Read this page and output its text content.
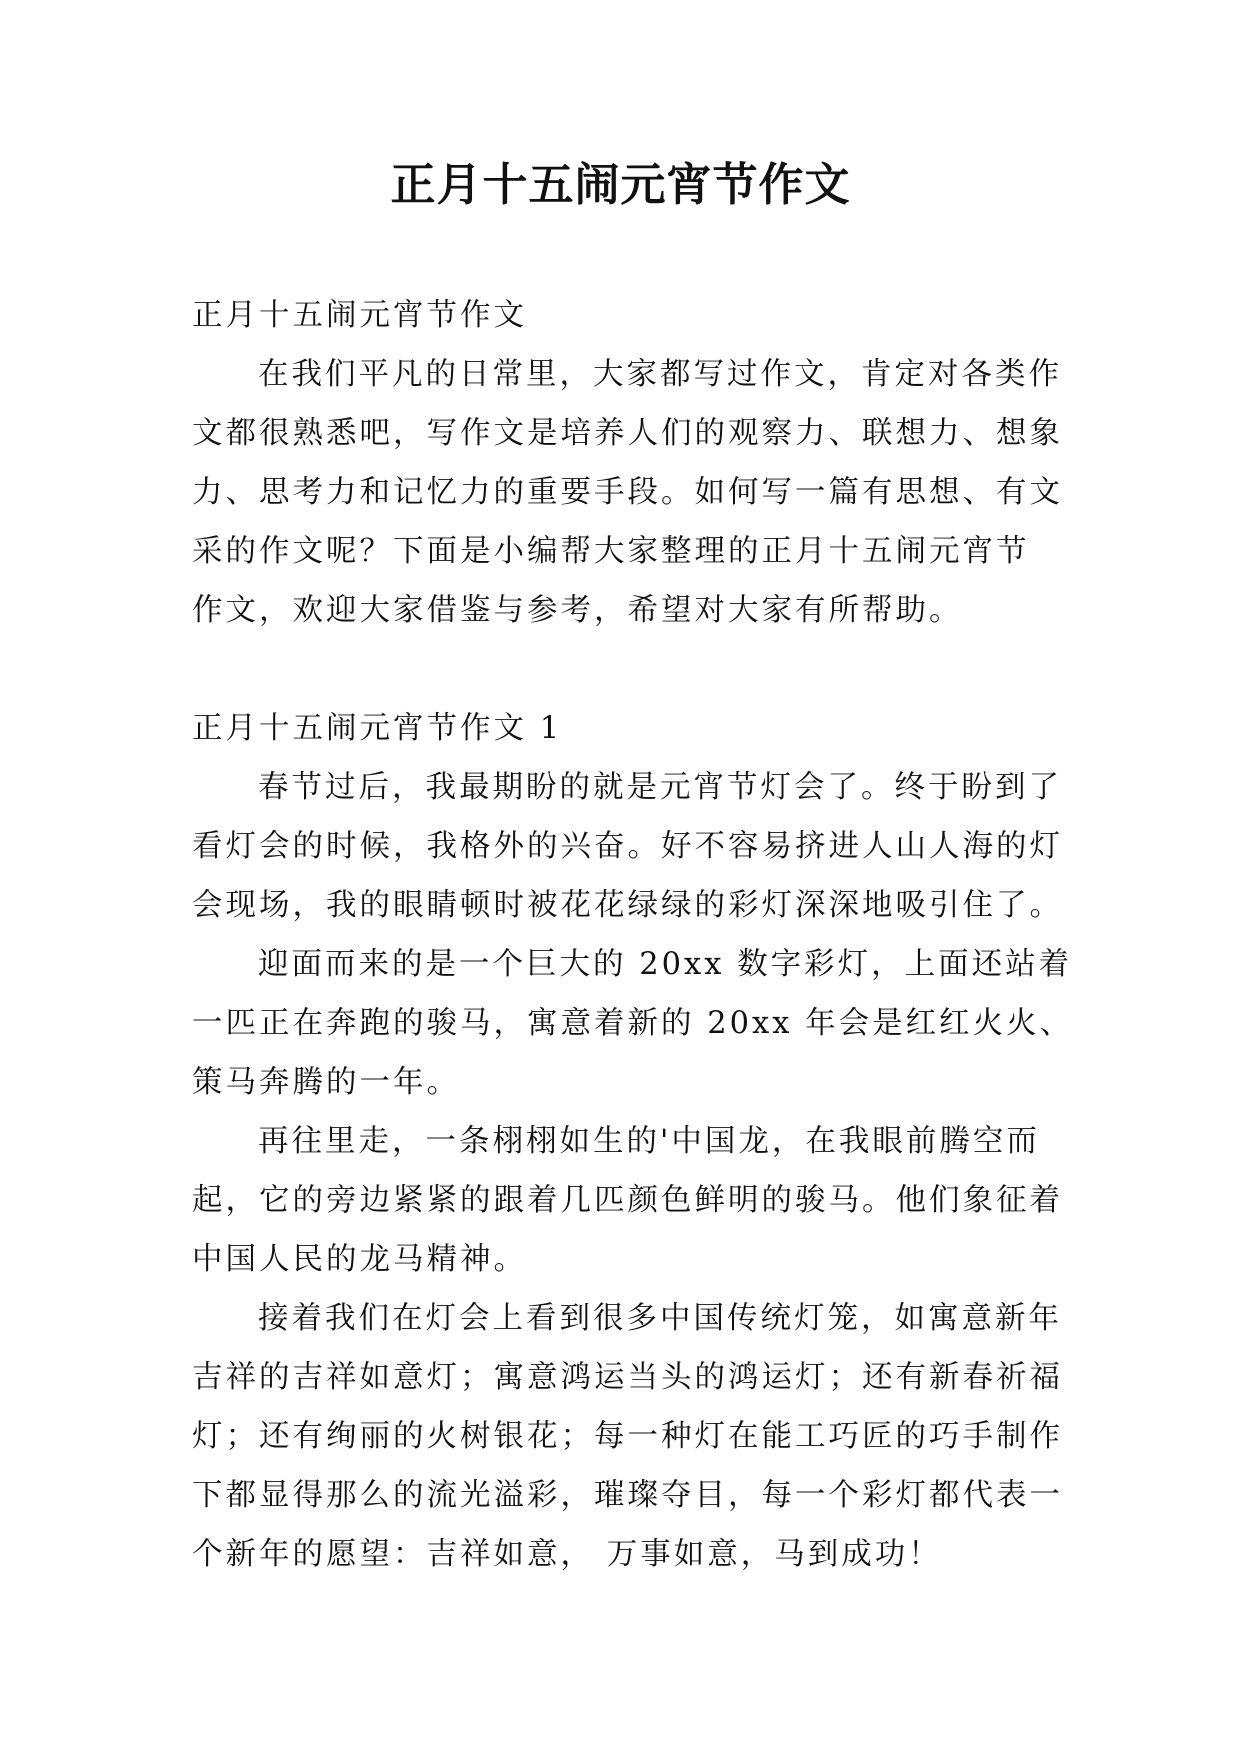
正月十五闹元宵节作文
正月十五闹元宵节作文
在我们平凡的日常里，大家都写过作文，肯定对各类作
文都很熟悉吧，写作文是培养人们的观察力、联想力、想象
力、思考力和记忆力的重要手段。如何写一篇有思想、有文
采的作文呢？下面是小编帮大家整理的正月十五闹元宵节
作文，欢迎大家借鉴与参考，希望对大家有所帮助。
正月十五闹元宵节作文 1
春节过后，我最期盼的就是元宵节灯会了。终于盼到了
看灯会的时候，我格外的兴奋。好不容易挤进人山人海的灯
会现场，我的眼睛顿时被花花绿绿的彩灯深深地吸引住了。
迎面而来的是一个巨大的 20xx 数字彩灯，上面还站着
一匹正在奔跑的骏马，寓意着新的 20xx 年会是红红火火、
策马奔腾的一年。
再往里走，一条栩栩如生的'中国龙，在我眼前腾空而
起，它的旁边紧紧的跟着几匹颜色鲜明的骏马。他们象征着
中国人民的龙马精神。
接着我们在灯会上看到很多中国传统灯笼，如寓意新年
吉祥的吉祥如意灯；寓意鸿运当头的鸿运灯；还有新春祈福
灯；还有绚丽的火树银花；每一种灯在能工巧匠的巧手制作
下都显得那么的流光溢彩，璀璨夺目，每一个彩灯都代表一
个新年的愿望：吉祥如意， 万事如意，马到成功！
